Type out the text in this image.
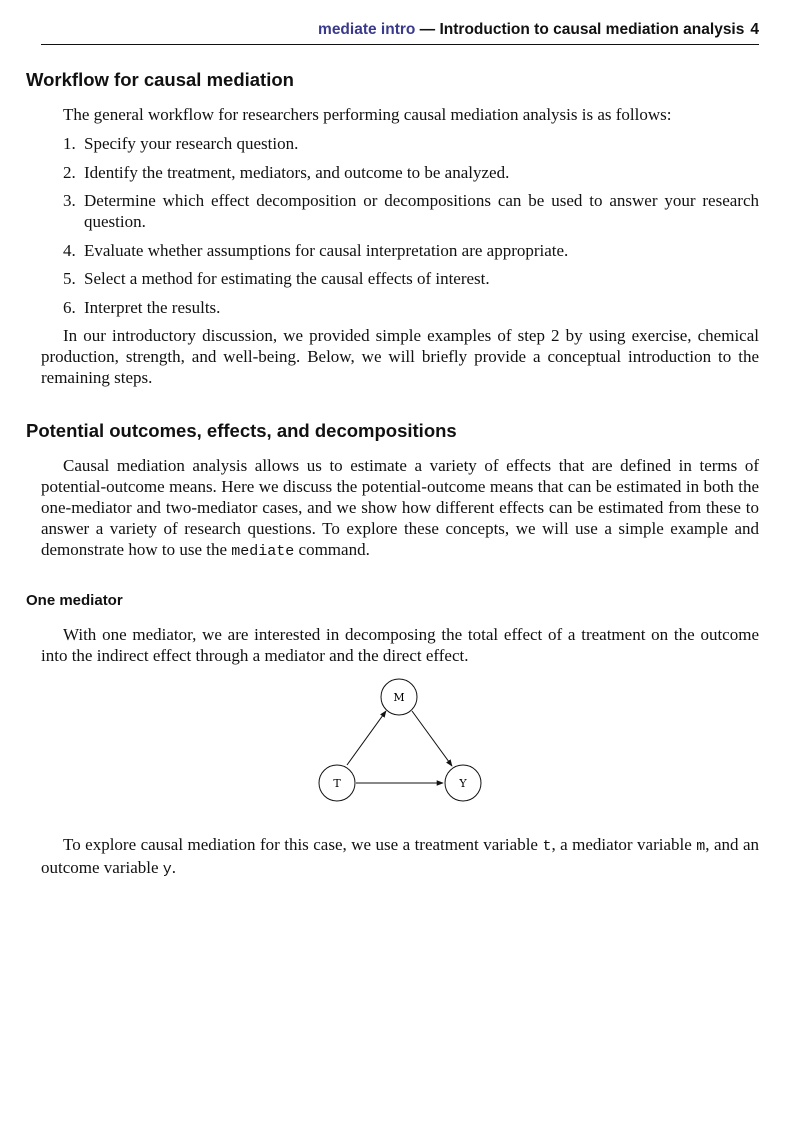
mediate intro — Introduction to causal mediation analysis 4
Workflow for causal mediation

The general workflow for researchers performing causal mediation analysis is as follows:

1. Specify your research question.
2. Identify the treatment, mediators, and outcome to be analyzed.
3. Determine which effect decomposition or decompositions can be used to answer your research question.
4. Evaluate whether assumptions for causal interpretation are appropriate.
5. Select a method for estimating the causal effects of interest.
6. Interpret the results.

In our introductory discussion, we provided simple examples of step 2 by using exercise, chemical production, strength, and well-being. Below, we will briefly provide a conceptual introduction to the remaining steps.

Potential outcomes, effects, and decompositions

Causal mediation analysis allows us to estimate a variety of effects that are defined in terms of potential-outcome means. Here we discuss the potential-outcome means that can be estimated in both the one-mediator and two-mediator cases, and we show how different effects can be estimated from these to answer a variety of research questions. To explore these concepts, we will use a simple example and demonstrate how to use the mediate command.

One mediator

With one mediator, we are interested in decomposing the total effect of a treatment on the outcome into the indirect effect through a mediator and the direct effect.

M
T	Y

To explore causal mediation for this case, we use a treatment variable t, a mediator variable m, and an outcome variable y.
